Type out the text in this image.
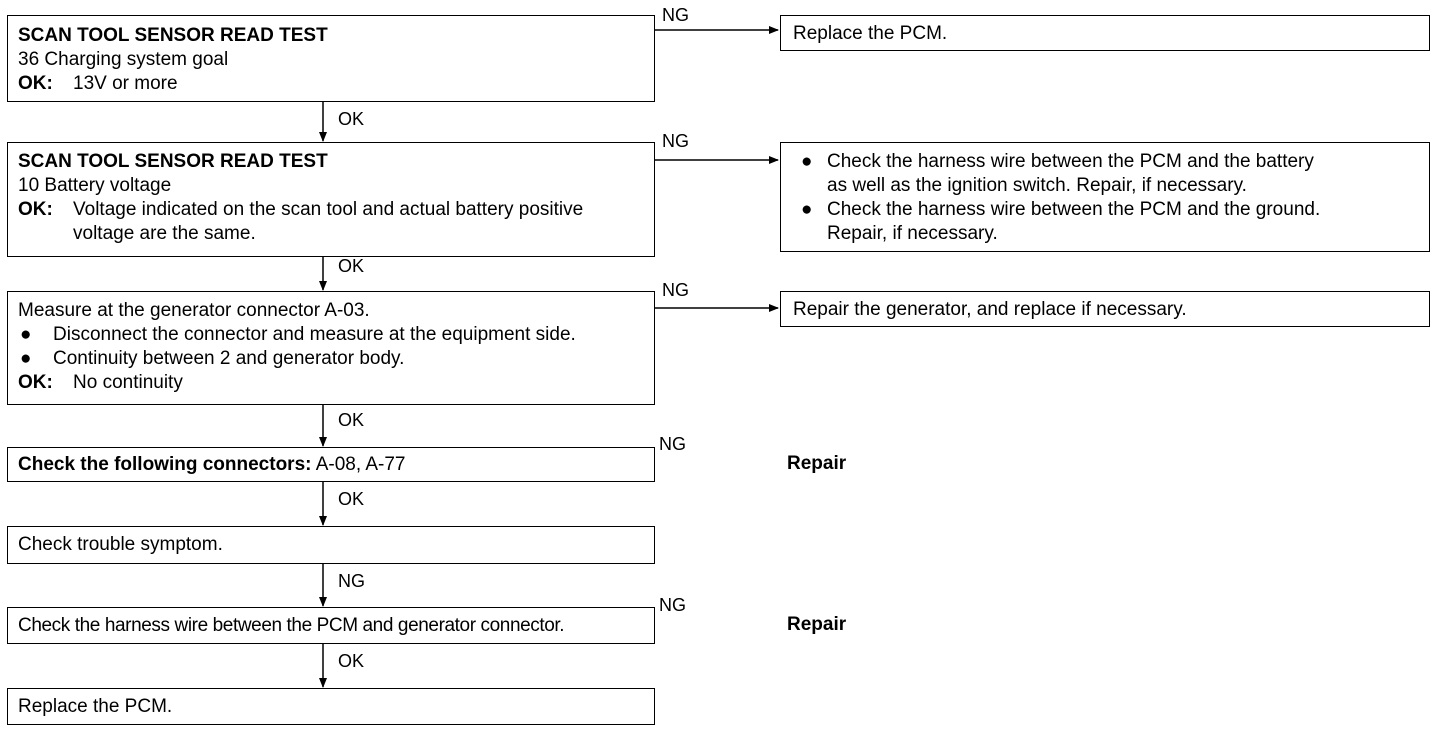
SCAN TOOL SENSOR READ TEST
36 Charging system goal
OK: 13V or more
SCAN TOOL SENSOR READ TEST
10 Battery voltage
OK: Voltage indicated on the scan tool and actual battery positive
voltage are the same.
Measure at the generator connector A-03.
● Disconnect the connector and measure at the equipment side.
● Continuity between 2 and generator body.
OK: No continuity
Check the following connectors: A-08, A-77
Check trouble symptom.
Check the harness wire between the PCM and generator connector.
Replace the PCM.
Replace the PCM.
● Check the harness wire between the PCM and the battery
as well as the ignition switch. Repair, if necessary.
● Check the harness wire between the PCM and the ground.
Repair, if necessary.
Repair the generator, and replace if necessary.
Repair
Repair
NG
NG
NG
NG
NG
OK
OK
OK
OK
NG
OK
